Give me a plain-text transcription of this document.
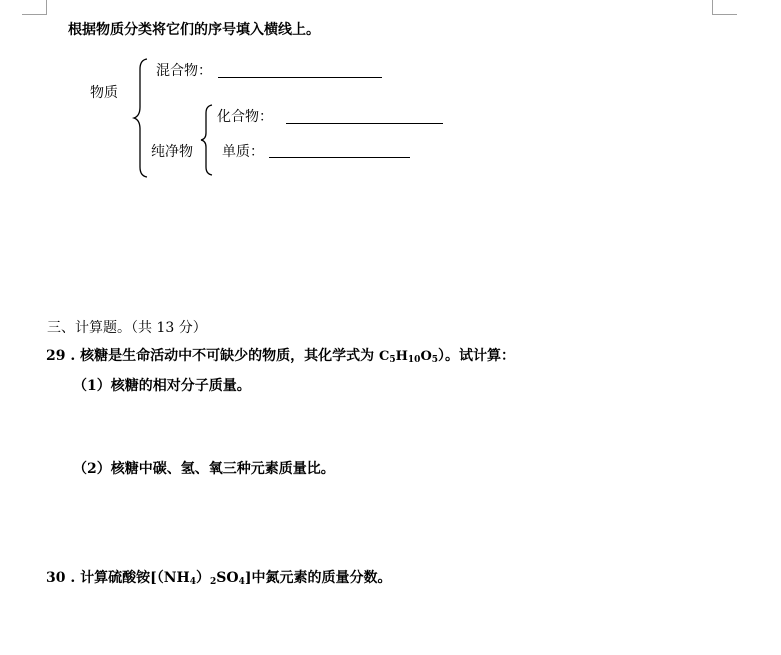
根据物质分类将它们的序号填入横线上。
物质
混合物：
纯净物
化合物：
单质：
三、计算题。（共 13 分）
29 . 核糖是生命活动中不可缺少的物质，其化学式为 $C_5H_{10}O_5$）。试计算：
（1）核糖的相对分子质量。
（2）核糖中碳、氢、氧三种元素质量比。
30 . 计算硫酸铵$[(NH_4)_2SO_4]$中氮元素的质量分数。
